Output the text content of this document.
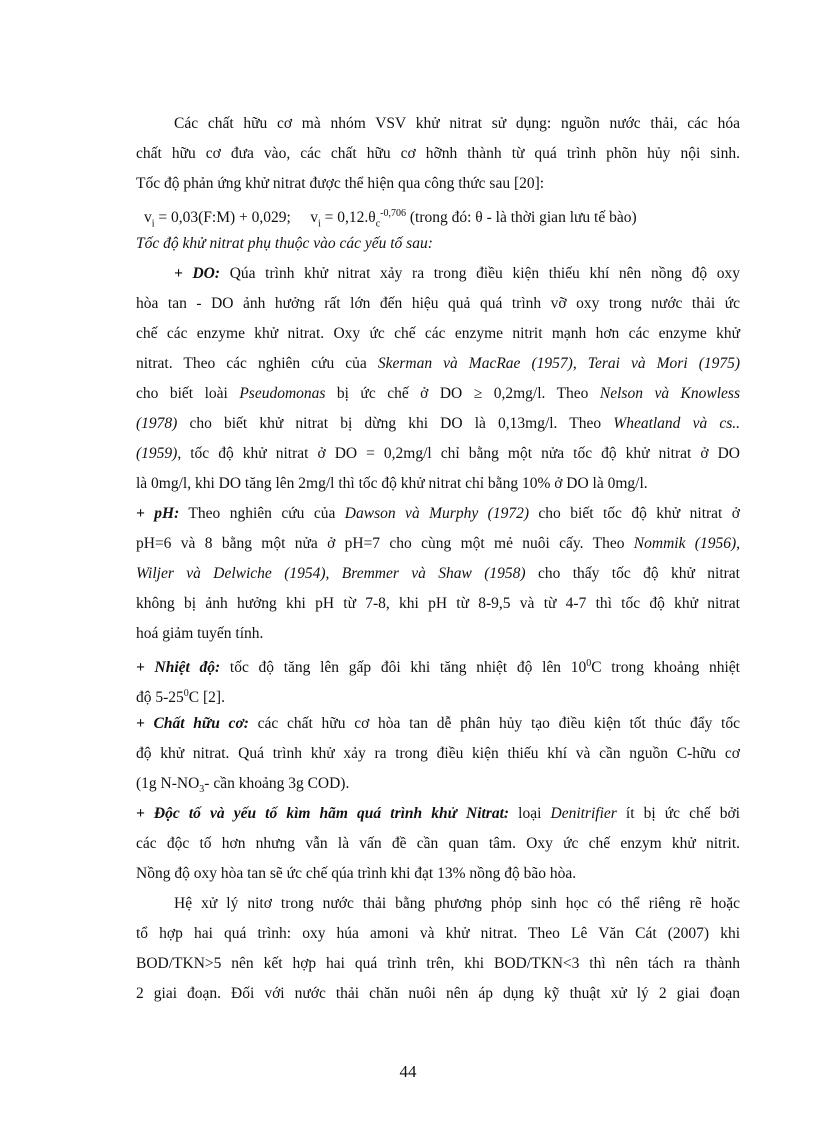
Các chất hữu cơ mà nhóm VSV khử nitrat sử dụng: nguồn nước thải, các hóa
chất hữu cơ đưa vào, các chất hữu cơ hỡnh thành từ quá trình phõn hủy nội sinh.
Tốc độ phản ứng khử nitrat được thể hiện qua công thức sau [20]:
$v_i$ = 0,03(F:M) + 0,029; $v_i = 0,12.\theta_c^{-0,706}$ (trong đó: θ - là thời gian lưu tế bào)
Tốc độ khử nitrat phụ thuộc vào các yếu tố sau:
+ DO: Qúa trình khử nitrat xảy ra trong điều kiện thiếu khí nên nồng độ oxy
hòa tan - DO ảnh hưởng rất lớn đến hiệu quả quá trình vỡ oxy trong nước thải ức
chế các enzyme khử nitrat. Oxy ức chế các enzyme nitrit mạnh hơn các enzyme khử
nitrat. Theo các nghiên cứu của Skerman và MacRae (1957), Terai và Mori (1975)
cho biết loài Pseudomonas bị ức chế ở DO ≥ 0,2mg/l. Theo Nelson và Knowless
(1978) cho biết khử nitrat bị dừng khi DO là 0,13mg/l. Theo Wheatland và cs..
(1959), tốc độ khử nitrat ở DO = 0,2mg/l chỉ bằng một nửa tốc độ khử nitrat ở DO
là 0mg/l, khi DO tăng lên 2mg/l thì tốc độ khử nitrat chỉ bằng 10% ở DO là 0mg/l.
+ pH: Theo nghiên cứu của Dawson và Murphy (1972) cho biết tốc độ khử nitrat ở
pH=6 và 8 bằng một nửa ở pH=7 cho cùng một mẻ nuôi cấy. Theo Nommik (1956),
Wiljer và Delwiche (1954), Bremmer và Shaw (1958) cho thấy tốc độ khử nitrat
không bị ảnh hưởng khi pH từ 7-8, khi pH từ 8-9,5 và từ 4-7 thì tốc độ khử nitrat
hoá giảm tuyến tính.
+ Nhiệt độ: tốc độ tăng lên gấp đôi khi tăng nhiệt độ lên $10^0C$ trong khoảng nhiệt
độ $5-25^0C$ [2].
+ Chất hữu cơ: các chất hữu cơ hòa tan dễ phân hủy tạo điều kiện tốt thúc đẩy tốc
độ khử nitrat. Quá trình khử xảy ra trong điều kiện thiếu khí và cần nguồn C-hữu cơ
(1g $N-NO_3-$ cần khoảng 3g COD).
+ Độc tố và yếu tố kìm hãm quá trình khử Nitrat: loại Denitrifier ít bị ức chế bởi
các độc tố hơn nhưng vẫn là vấn đề cần quan tâm. Oxy ức chế enzym khử nitrit.
Nồng độ oxy hòa tan sẽ ức chế qúa trình khi đạt 13% nồng độ bão hòa.
Hệ xử lý nitơ trong nước thải bằng phương phỏp sinh học có thể riêng rẽ hoặc
tổ hợp hai quá trình: oxy húa amoni và khử nitrat. Theo Lê Văn Cát (2007) khi
BOD/TKN>5 nên kết hợp hai quá trình trên, khi BOD/TKN<3 thì nên tách ra thành
2 giai đoạn. Đối với nước thải chăn nuôi nên áp dụng kỹ thuật xử lý 2 giai đoạn
44
